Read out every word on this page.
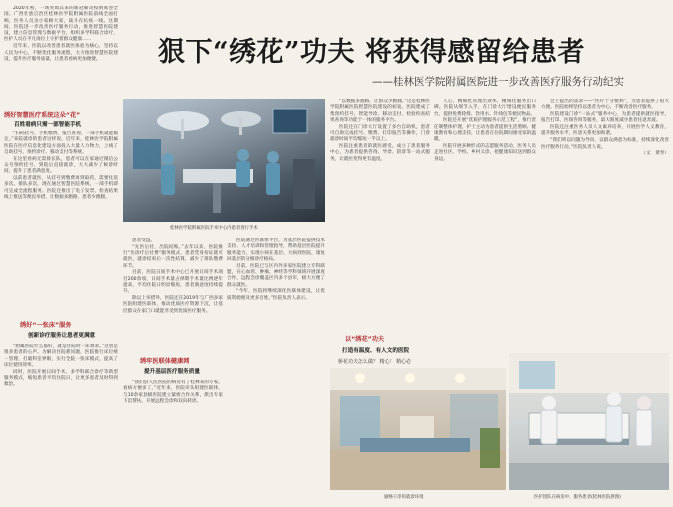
狠下“绣花”功夫 将获得感留给患者
——桂林医学院附属医院进一步改善医疗服务行动纪实

2020年初，一场突如其来的新冠肺炎疫情席卷全国。广西壮族自治区桂林医学院附属医院前线全面打响，医务人员舍小家顾大家，战斗在抗疫一线。这期间，医院进一步改善医疗服务行动，推进智慧医院建设，建立信息管理与数据平台，组织多学科联合诊疗，医护人员在平凡岗位上守护着群众健康……

近年来，医院以改善患者就医体验为核心，坚持以人民为中心，不断优化服务流程，大力推进智慧医院建设，提升医疗服务质量，让患者看病更加便捷。

绣好智慧医疗系统这朵“花”
百姓看病只需一部智能手机

“扫码挂号，手机缴费，报告查询，一部手机就能搞定。”来院就诊的患者这样说。近年来，桂林医学院附属医院在医疗信息化建设方面投入大量人力物力，上线了自助挂号、预约诊疗、移动支付等系统。

在这里看病无需排长队，患者可以在家通过微信公众号预约挂号，到院后直接就诊，大大减少了候诊时间，提升了患者满意度。

以前患者就医，从挂号到缴费再到取药，需要往返多次、排队多次，现在通过智慧医院系统，一部手机即可完成全流程服务。医院还推出了电子发票、检查结果线上推送等便民举措，让数据多跑路，患者少跑腿。

绣好“一张床”服务
创新诊疗服务让患者更满意

“附属医院什么都好，就是住院时一床难求。”这曾是很多患者的心声。为解决住院难问题，医院推行床位统一管理，打破科室界限，实行全院一张床模式，提高了床位使用效率。

同时，医院开展日间手术、多学科联合诊疗等新型服务模式，缩短患者平均住院日，让更多患者及时得到救治。

桂林医学院附属医院手术中心内患者进行手术

患者受益。

“先医后付，出院结账。”去年以来，医院推行“先诊疗后付费”服务模式，患者凭身份证就可就医，就诊结束后一次性结算，减少了排队缴费环节。

目前，医院日间手术中心已开展日间手术项目200余项，日间手术量占择期手术量比例逐年提高，平均住院日明显缩短，患者满意度持续提升。

除以上举措外，医院还在2019年与广西多家医院组建医联体，推动优质医疗资源下沉，让基层群众在家门口就能享受到优质医疗服务。

绣牢医联体健康网
提升基层医疗服务质量

“我们县人民医院的病房有了桂林来的专家，看病方便多了。”近年来，医院牵头组建医联体，与10余家县级医院建立紧密合作关系，派出专家下沉帮扶，开展远程会诊和双向转诊。

医院通过医联体平台，为基层医院提供技术支持、人才培训和管理指导，帮助基层医院提升服务能力，实现小病在基层、大病到医院、康复回基层的分级诊疗格局。

目前，医院已与区内外多家医院建立专科联盟，在心血管、肿瘤、神经等学科领域开展深度合作，远程会诊覆盖区内多个县市，极大方便了群众就医。

“今年，医院将继续深化医联体建设，让优质资源惠及更多百姓。”医院负责人表示。

“以数据多跑路，让群众少跑腿。”这是桂林医学院附属医院智慧医院建设的初衷。医院建成了集预约挂号、智能导诊、移动支付、检验检查结果查询等功能于一体的服务平台。

医院还在门诊大厅设置了多台自助机，患者可自助完成挂号、缴费、打印报告等操作，门诊就诊时间平均缩短一半以上。

医院注重患者的就医感受，成立了患者服务中心，为患者提供咨询、导诊、陪诊等一站式服务，让就医变得更有温度。

以“绣花”功夫
打造有温度、有人文的医院
桥花功夫怎么做？ 精心！ 精心必

人心，精细化管理出效率，精细化服务出口碑。医院从细节入手，在门诊大厅增设便民服务台，提供免费轮椅、饮用水、针线包等便民物品。

医院还开展“优质护理服务示范工程”，推行责任制整体护理，护士主动为患者提供生活照顾、健康教育和心理支持，让患者在住院期间感受家的温暖。

医院开展多种形式的志愿服务活动，医务人员走进社区、学校、乡村义诊，把健康知识送到群众身边。

会上提出的需求——“医疗十分便利”，为患者提供了很大方便。医院始终坚持以患者为中心，不断改善医疗服务。

医院建设门诊“一站式”服务中心，为患者提供就医指导、报告打印、医保咨询等服务，最大限度减少患者往返奔波。

医院还注重医务人员人文素养培养，开展医学人文教育，提升服务水平，医患关系更加和谐。

“我们将以问题为导向，以群众满意为标准，持续深化改善医疗服务行动。”医院负责人说。

（文　黄寿）

通畅干净的就诊环境	医护团队在病房中，服务患者(桂林医院供图)
